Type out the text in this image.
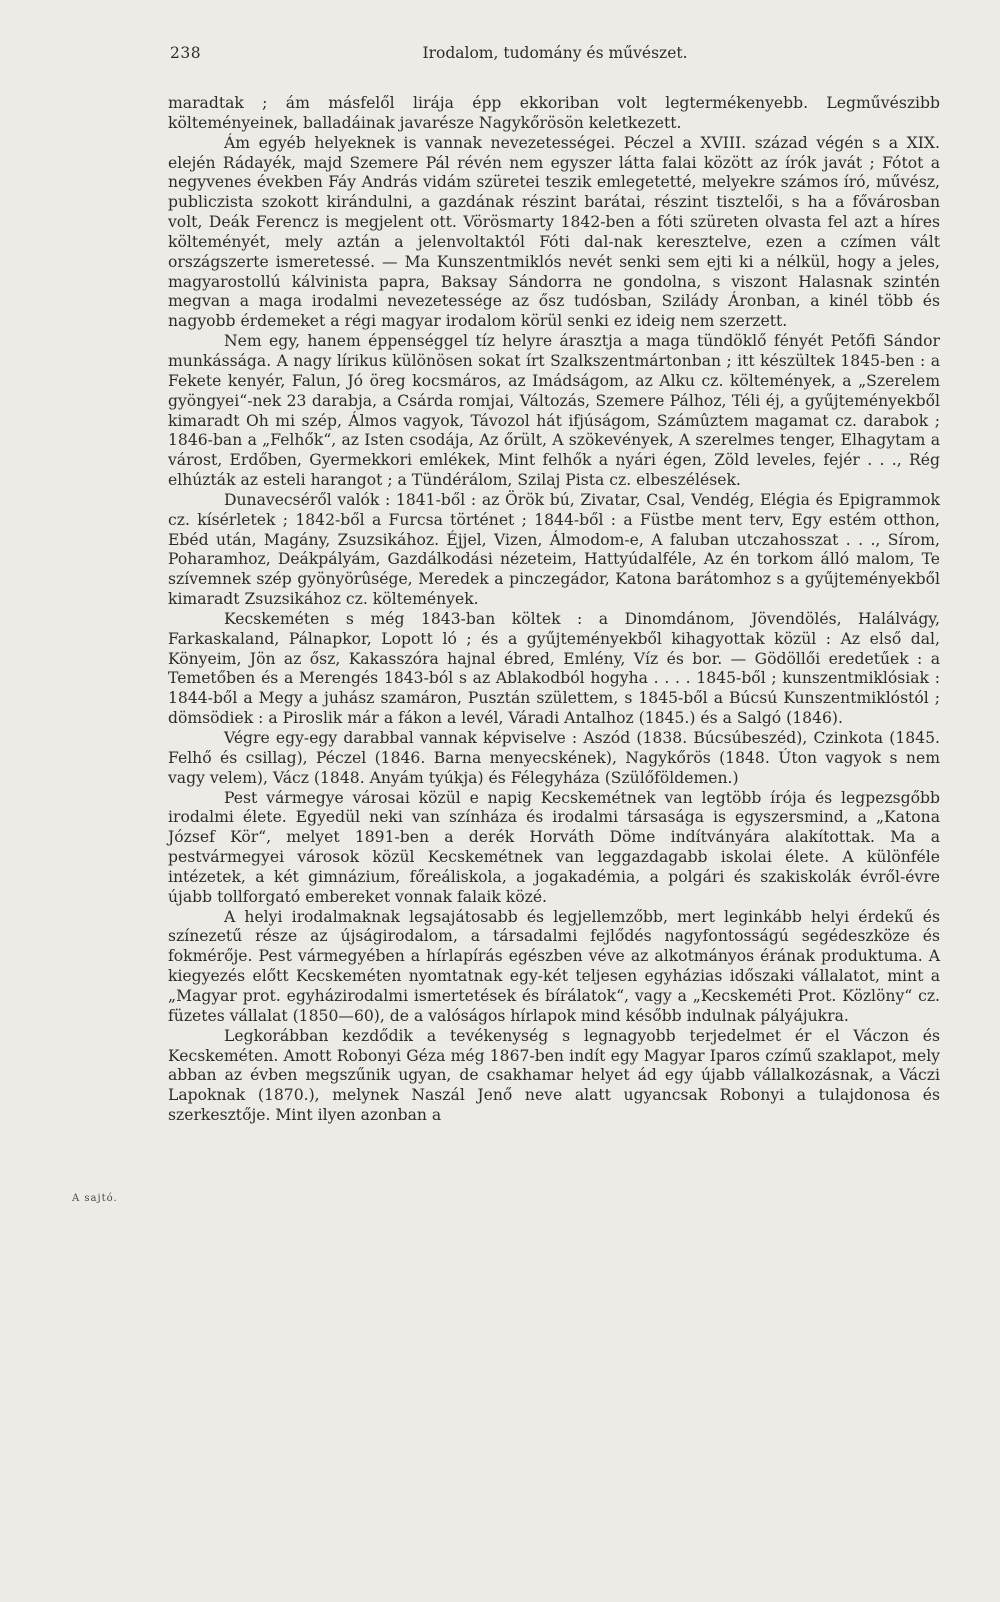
238	Irodalom, tudomány és művészet.
A sajtó.

maradtak ; ám másfelől lirája épp ekkoriban volt legtermékenyebb. Legművészibb költeményeinek, balladáinak javarésze Nagykőrösön keletkezett.

Ám egyéb helyeknek is vannak nevezetességei. Péczel a XVIII. század végén s a XIX. elején Rádayék, majd Szemere Pál révén nem egyszer látta falai között az írók javát ; Fótot a negyvenes években Fáy András vidám szüretei teszik emlegetetté, melyekre számos író, művész, publiczista szokott kirándulni, a gazdának részint barátai, részint tisztelői, s ha a fővárosban volt, Deák Ferencz is megjelent ott. Vörösmarty 1842-ben a fóti szüreten olvasta fel azt a híres költeményét, mely aztán a jelenvoltaktól Fóti dal-nak keresztelve, ezen a czímen vált országszerte ismeretessé. — Ma Kunszentmiklós nevét senki sem ejti ki a nélkül, hogy a jeles, magyarostollú kálvinista papra, Baksay Sándorra ne gondolna, s viszont Halasnak szintén megvan a maga irodalmi nevezetessége az ősz tudósban, Szilády Áronban, a kinél több és nagyobb érdemeket a régi magyar irodalom körül senki ez ideig nem szerzett.

Nem egy, hanem éppenséggel tíz helyre árasztja a maga tündöklő fényét Petőfi Sándor munkássága. A nagy lírikus különösen sokat írt Szalkszentmártonban ; itt készültek 1845-ben : a Fekete kenyér, Falun, Jó öreg kocsmáros, az Imádságom, az Alku cz. költemények, a „Szerelem gyöngyei“-nek 23 darabja, a Csárda romjai, Változás, Szemere Pálhoz, Téli éj, a gyűjteményekből kimaradt Oh mi szép, Álmos vagyok, Távozol hát ifjúságom, Számûztem magamat cz. darabok ; 1846-ban a „Felhők“, az Isten csodája, Az őrült, A szökevények, A szerelmes tenger, Elhagytam a várost, Erdőben, Gyermekkori emlékek, Mint felhők a nyári égen, Zöld leveles, fejér . . ., Rég elhúzták az esteli harangot ; a Tündérálom, Szilaj Pista cz. elbeszélések.

Dunavecséről valók : 1841-ből : az Örök bú, Zivatar, Csal, Vendég, Elégia és Epigrammok cz. kísérletek ; 1842-ből a Furcsa történet ; 1844-ből : a Füstbe ment terv, Egy estém otthon, Ebéd után, Magány, Zsuzsikához. Éjjel, Vizen, Álmodom-e, A faluban utczahosszat . . ., Sírom, Poharamhoz, Deákpályám, Gazdálkodási nézeteim, Hattyúdalféle, Az én torkom álló malom, Te szívemnek szép gyönyörûsége, Meredek a pinczegádor, Katona barátomhoz s a gyűjteményekből kimaradt Zsuzsikához cz. költemények.

Kecskeméten s még 1843-ban költek : a Dinomdánom, Jövendölés, Halálvágy, Farkaskaland, Pálnapkor, Lopott ló ; és a gyűjteményekből kihagyottak közül : Az első dal, Könyeim, Jön az ősz, Kakasszóra hajnal ébred, Emlény, Víz és bor. — Gödöllői eredetűek : a Temetőben és a Merengés 1843-ból s az Ablakodból hogyha . . . . 1845-ből ; kunszentmiklósiak : 1844-ből a Megy a juhász szamáron, Pusztán születtem, s 1845-ből a Búcsú Kunszentmiklóstól ; dömsödiek : a Piroslik már a fákon a levél, Váradi Antalhoz (1845.) és a Salgó (1846).

Végre egy-egy darabbal vannak képviselve : Aszód (1838. Búcsúbeszéd), Czinkota (1845. Felhő és csillag), Péczel (1846. Barna menyecskének), Nagykőrös (1848. Úton vagyok s nem vagy velem), Vácz (1848. Anyám tyúkja) és Félegyháza (Szülőföldemen.)

Pest vármegye városai közül e napig Kecskemétnek van legtöbb írója és legpezsgőbb irodalmi élete. Egyedül neki van színháza és irodalmi társasága is egyszersmind, a „Katona József Kör“, melyet 1891-ben a derék Horváth Döme indítványára alakítottak. Ma a pestvármegyei városok közül Kecskemétnek van leggazdagabb iskolai élete. A különféle intézetek, a két gimnázium, főreáliskola, a jogakadémia, a polgári és szakiskolák évről-évre újabb tollforgató embereket vonnak falaik közé.

A helyi irodalmaknak legsajátosabb és legjellemzőbb, mert leginkább helyi érdekű és színezetű része az újságirodalom, a társadalmi fejlődés nagyfontosságú segédeszköze és fokmérője. Pest vármegyében a hírlapírás egészben véve az alkotmányos érának produktuma. A kiegyezés előtt Kecskeméten nyomtatnak egy-két teljesen egyházias időszaki vállalatot, mint a „Magyar prot. egyházirodalmi ismertetések és bírálatok“, vagy a „Kecskeméti Prot. Közlöny“ cz. füzetes vállalat (1850—60), de a valóságos hírlapok mind később indulnak pályájukra.

Legkorábban kezdődik a tevékenység s legnagyobb terjedelmet ér el Váczon és Kecskeméten. Amott Robonyi Géza még 1867-ben indít egy Magyar Iparos czímű szaklapot, mely abban az évben megszűnik ugyan, de csakhamar helyet ád egy újabb vállalkozásnak, a Váczi Lapoknak (1870.), melynek Naszál Jenő neve alatt ugyancsak Robonyi a tulajdonosa és szerkesztője. Mint ilyen azonban a
